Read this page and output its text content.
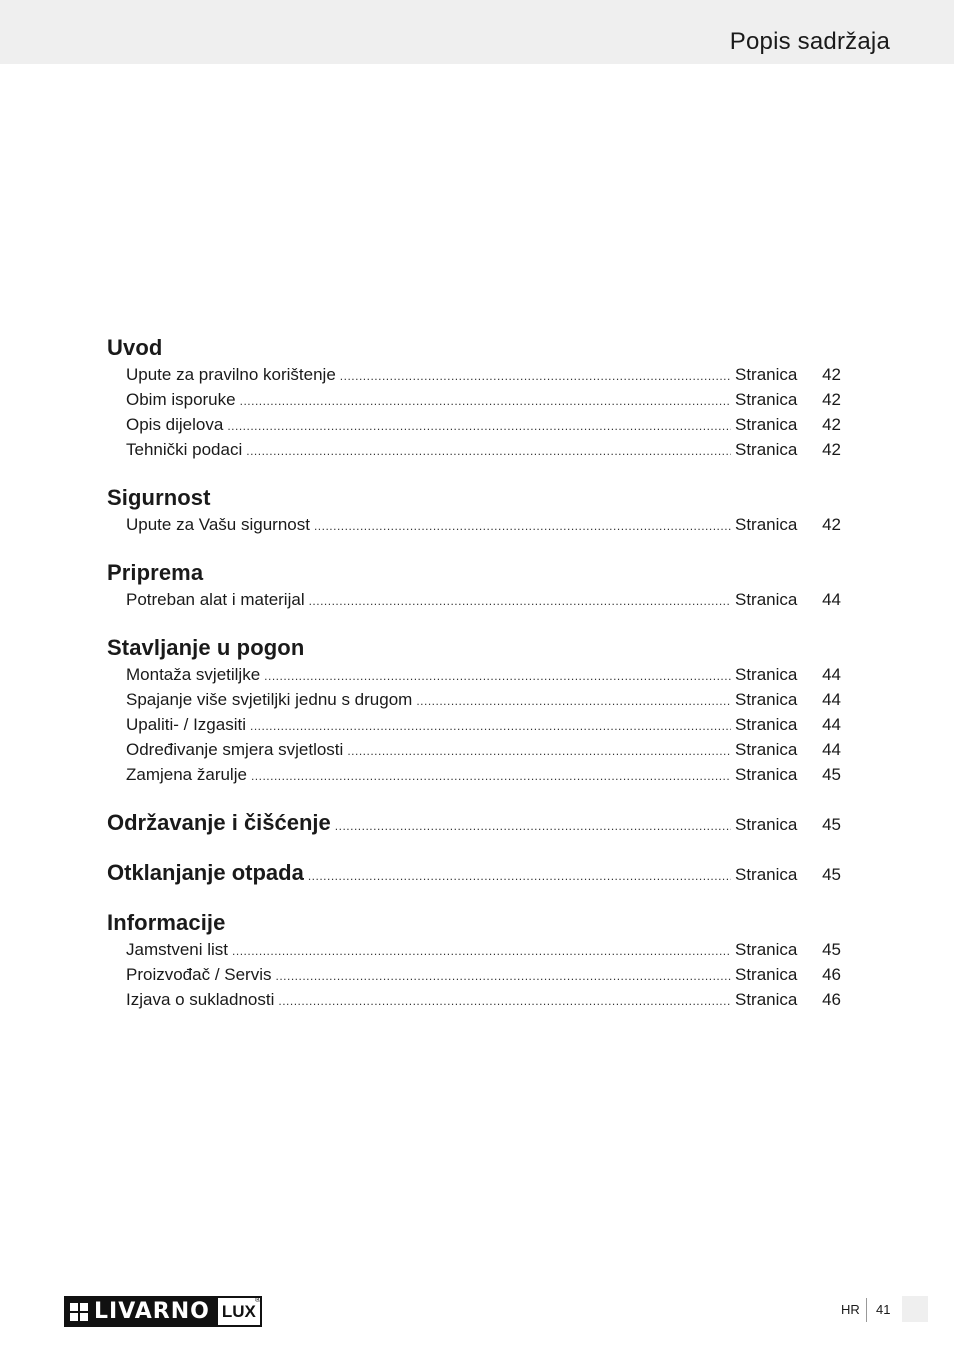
Popis sadržaja
Uvod
Upute za pravilno korištenje .....	Stranica	42
Obim isporuke .....	Stranica	42
Opis dijelova .....	Stranica	42
Tehnički podaci .....	Stranica	42
Sigurnost
Upute za Vašu sigurnost .....	Stranica	42
Priprema
Potreban alat i materijal .....	Stranica	44
Stavljanje u pogon
Montaža svjetiljke .....	Stranica	44
Spajanje više svjetiljki jednu s drugom .....	Stranica	44
Upaliti- / Izgasiti .....	Stranica	44
Određivanje smjera svjetlosti .....	Stranica	44
Zamjena žarulje .....	Stranica	45
Održavanje i čišćenje .....	Stranica	45
Otklanjanje otpada .....	Stranica	45
Informacije
Jamstveni list .....	Stranica	45
Proizvođač / Servis .....	Stranica	46
Izjava o sukladnosti .....	Stranica	46
LIVARNO LUX
®
HR 41
